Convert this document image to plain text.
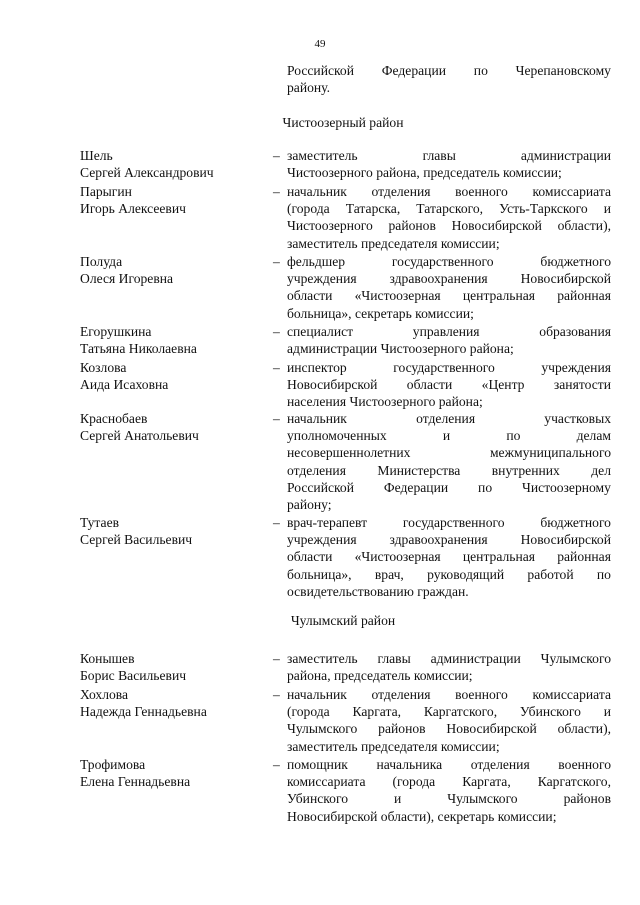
49
Российской Федерации по Черепановскому
району.
Чистоозерный район
Шель
Сергей Александрович
– заместитель	главы	администрации
Чистоозерного района, председатель комиссии;
Парыгин
Игорь Алексеевич
– начальник отделения военного комиссариата
(города Татарска, Татарского, Усть-Таркского и
Чистоозерного районов Новосибирской области),
заместитель председателя комиссии;
Полуда
Олеся Игоревна
– фельдшер	государственного	бюджетного
учреждения здравоохранения Новосибирской
области «Чистоозерная центральная районная
больница», секретарь комиссии;
Егорушкина
Татьяна Николаевна
– специалист	управления	образования
администрации Чистоозерного района;
Козлова
Аида Исаховна
– инспектор	государственного	учреждения
Новосибирской области «Центр занятости
населения Чистоозерного района;
Краснобаев
Сергей Анатольевич
– начальник	отделения	участковых
уполномоченных	и	по	делам
несовершеннолетних	межмуниципального
отделения Министерства внутренних дел
Российской Федерации по Чистоозерному
району;
Тутаев
Сергей Васильевич
– врач-терапевт	государственного	бюджетного
учреждения здравоохранения Новосибирской
области «Чистоозерная центральная районная
больница», врач, руководящий работой по
освидетельствованию граждан.
Чулымский район
Конышев
Борис Васильевич
– заместитель главы администрации Чулымского
района, председатель комиссии;
Хохлова
Надежда Геннадьевна
– начальник отделения военного комиссариата
(города Каргата, Каргатского, Убинского и
Чулымского районов Новосибирской области),
заместитель председателя комиссии;
Трофимова
Елена Геннадьевна
– помощник начальника отделения военного
комиссариата (города Каргата, Каргатского,
Убинского	и	Чулымского	районов
Новосибирской области), секретарь комиссии;
